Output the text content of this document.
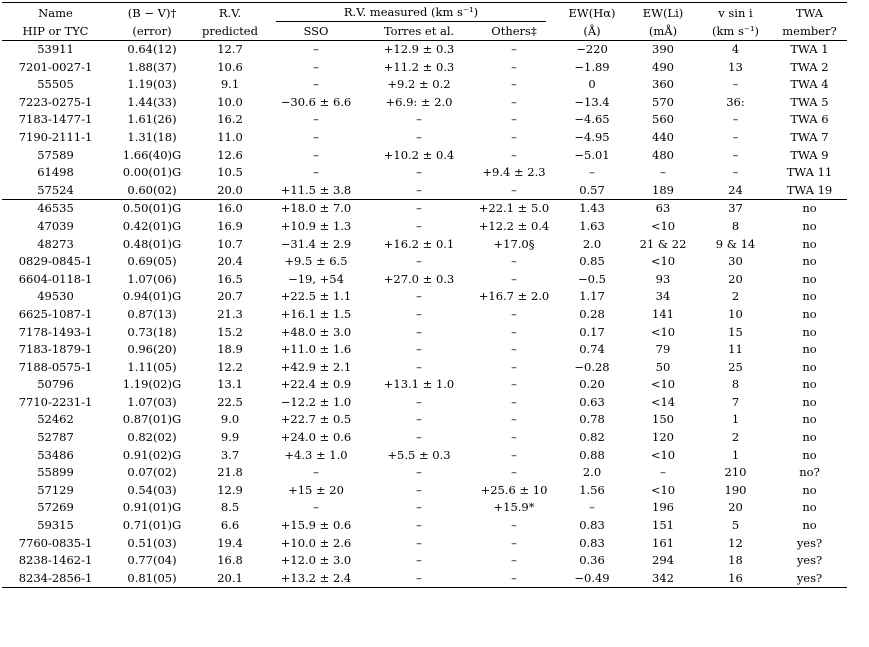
Name	(B − V)†	R.V.	R.V. measured (km s⁻¹)			EW(Hα)	EW(Li)	v sin i	TWA
HIP or TYC	(error)	predicted	SSO	Torres et al.	Others‡	(Å)	(mÅ)	(km s⁻¹)	member?
53911	0.64(12)	12.7	–	+12.9 ± 0.3	–	−220	390	4	TWA 1
7201-0027-1	1.88(37)	10.6	–	+11.2 ± 0.3	–	−1.89	490	13	TWA 2
55505	1.19(03)	9.1	–	+9.2 ± 0.2	–	0	360	–	TWA 4
7223-0275-1	1.44(33)	10.0	−30.6 ± 6.6	+6.9: ± 2.0	–	−13.4	570	36:	TWA 5
7183-1477-1	1.61(26)	16.2	–	–	–	−4.65	560	–	TWA 6
7190-2111-1	1.31(18)	11.0	–	–	–	−4.95	440	–	TWA 7
57589	1.66(40)G	12.6	–	+10.2 ± 0.4	–	−5.01	480	–	TWA 9
61498	0.00(01)G	10.5	–	–	+9.4 ± 2.3	–	–	–	TWA 11
57524	0.60(02)	20.0	+11.5 ± 3.8	–	–	0.57	189	24	TWA 19
46535	0.50(01)G	16.0	+18.0 ± 7.0	–	+22.1 ± 5.0	1.43	63	37	no
47039	0.42(01)G	16.9	+10.9 ± 1.3	–	+12.2 ± 0.4	1.63	<10	8	no
48273	0.48(01)G	10.7	−31.4 ± 2.9	+16.2 ± 0.1	+17.0§	2.0	21 & 22	9 & 14	no
0829-0845-1	0.69(05)	20.4	+9.5 ± 6.5	–	–	0.85	<10	30	no
6604-0118-1	1.07(06)	16.5	−19, +54	+27.0 ± 0.3	–	−0.5	93	20	no
49530	0.94(01)G	20.7	+22.5 ± 1.1	–	+16.7 ± 2.0	1.17	34	2	no
6625-1087-1	0.87(13)	21.3	+16.1 ± 1.5	–	–	0.28	141	10	no
7178-1493-1	0.73(18)	15.2	+48.0 ± 3.0	–	–	0.17	<10	15	no
7183-1879-1	0.96(20)	18.9	+11.0 ± 1.6	–	–	0.74	79	11	no
7188-0575-1	1.11(05)	12.2	+42.9 ± 2.1	–	–	−0.28	50	25	no
50796	1.19(02)G	13.1	+22.4 ± 0.9	+13.1 ± 1.0	–	0.20	<10	8	no
7710-2231-1	1.07(03)	22.5	−12.2 ± 1.0	–	–	0.63	<14	7	no
52462	0.87(01)G	9.0	+22.7 ± 0.5	–	–	0.78	150	1	no
52787	0.82(02)	9.9	+24.0 ± 0.6	–	–	0.82	120	2	no
53486	0.91(02)G	3.7	+4.3 ± 1.0	+5.5 ± 0.3	–	0.88	<10	1	no
55899	0.07(02)	21.8	–	–	–	2.0	–	210	no?
57129	0.54(03)	12.9	+15 ± 20	–	+25.6 ± 10	1.56	<10	190	no
57269	0.91(01)G	8.5	–	–	+15.9*	–	196	20	no
59315	0.71(01)G	6.6	+15.9 ± 0.6	–	–	0.83	151	5	no
7760-0835-1	0.51(03)	19.4	+10.0 ± 2.6	–	–	0.83	161	12	yes?
8238-1462-1	0.77(04)	16.8	+12.0 ± 3.0	–	–	0.36	294	18	yes?
8234-2856-1	0.81(05)	20.1	+13.2 ± 2.4	–	–	−0.49	342	16	yes?
